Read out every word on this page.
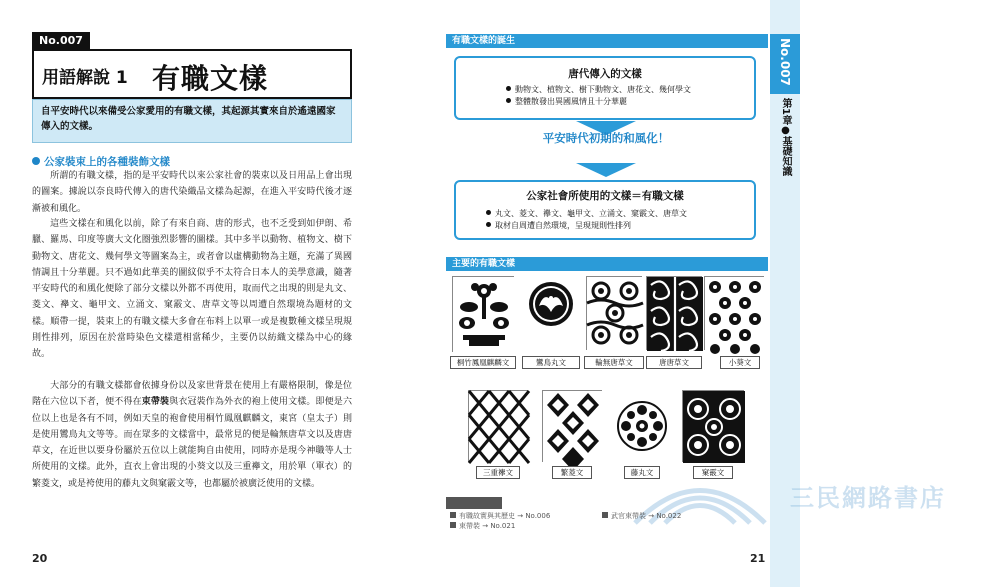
No.007
用語解說 1 有職文樣
自平安時代以來備受公家愛用的有職文樣，其起源其實來自於遙遠國家傳入的文樣。
公家裝束上的各種裝飾文樣

所謂的有職文樣，指的是平安時代以來公家社會的裝束以及日用品上會出現的圖案。據說以奈良時代傳入的唐代染織品文樣為起源，在進入平安時代後才逐漸被和風化。

這些文樣在和風化以前，除了有來自商、唐的形式，也不乏受到如伊朗、希臘、羅馬、印度等廣大文化圈強烈影響的圖樣。其中多半以動物、植物文、樹下動物文、唐花文、幾何學文等圖案為主，或者會以虛構動物為主題，充滿了異國情調且十分華麗。只不過如此華美的圖紋似乎不太符合日本人的美學意識，隨著平安時代的和風化便除了部分文樣以外都不再使用，取而代之出現的則是丸文、菱文、襷文、龜甲文、立涌文、窠霰文、唐草文等以周遭自然環境為題材的文樣。順帶一提，裝束上的有職文樣大多會在布料上以單一或是複數種文樣呈現規則性排列，原因在於當時染色文樣還相當稀少，主要仍以紡織文樣為中心的緣故。

大部分的有職文樣都會依據身份以及家世背景在使用上有嚴格限制，像是位階在六位以下者，便不得在束帶裝與衣冠裝作為外衣的袍上使用文樣。即便是六位以上也是各有不同，例如天皇的袍會使用桐竹鳳凰麒麟文，東宮（皇太子）則是使用鸞鳥丸文等等。而在眾多的文樣當中，最常見的便是輪無唐草文以及唐唐草文，在近世以要身份屬於五位以上就能夠自由使用，同時亦是現今神職等人士所使用的文樣。此外，直衣上會出現的小葵文以及三重襷文，用於單（單衣）的繁菱文，或是袴使用的藤丸文與窠霰文等，也都屬於被廣泛使用的文樣。

20
No.007
第1章●基礎知識
有職文樣的誕生
唐代傳入的文樣
動物文、植物文、樹下動物文、唐花文、幾何學文
整體散發出異國風情且十分華麗
平安時代初期的和風化！
公家社會所使用的文樣＝有職文樣
丸文、菱文、襷文、龜甲文、立涌文、窠霰文、唐草文
取材自周遭自然環境，呈現規則性排列
主要的有職文樣
桐竹鳳凰麒麟文	鸞鳥丸文	輪無唐草文	唐唐草文	小葵文
三重襷文	繁菱文	藤丸文	窠霰文
三民網路書店
有職故實與其歷史 → No.006	武官束帶裝 → No.022
束帶裝 → No.021
21
